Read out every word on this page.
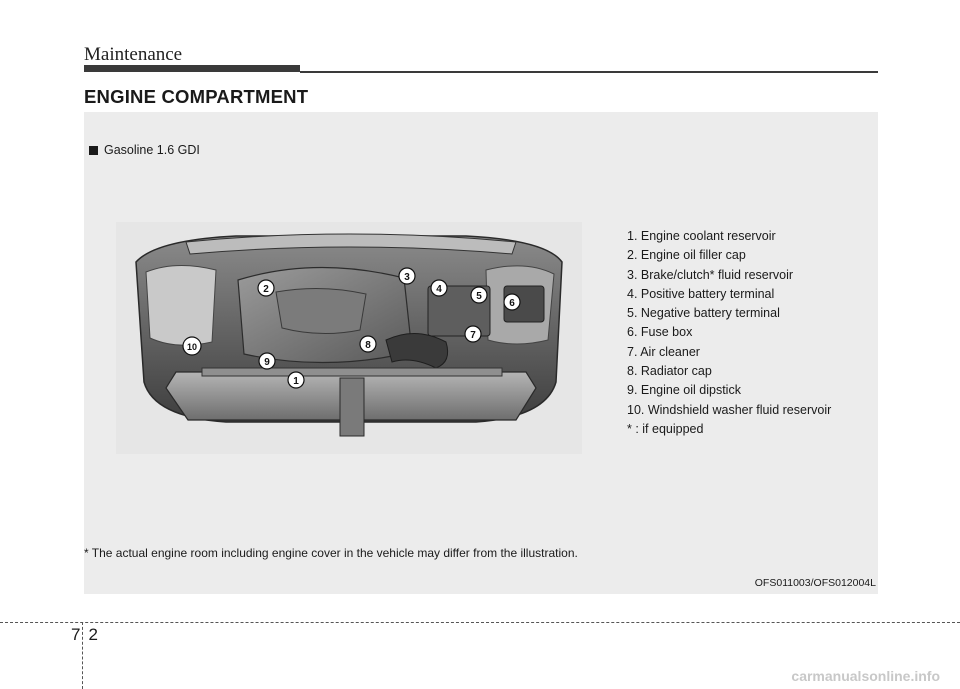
Maintenance
ENGINE COMPARTMENT
Gasoline 1.6 GDI
1
2
3
4
5
6
7
8
9
10
1. Engine coolant reservoir
2. Engine oil filler cap
3. Brake/clutch* fluid reservoir
4. Positive battery terminal
5. Negative battery terminal
6. Fuse box
7. Air cleaner
8. Radiator cap
9. Engine oil dipstick
10. Windshield washer fluid reservoir
* : if equipped
* The actual engine room including engine cover in the vehicle may differ from the illustration.
OFS011003/OFS012004L
7 2
carmanualsonline.info
